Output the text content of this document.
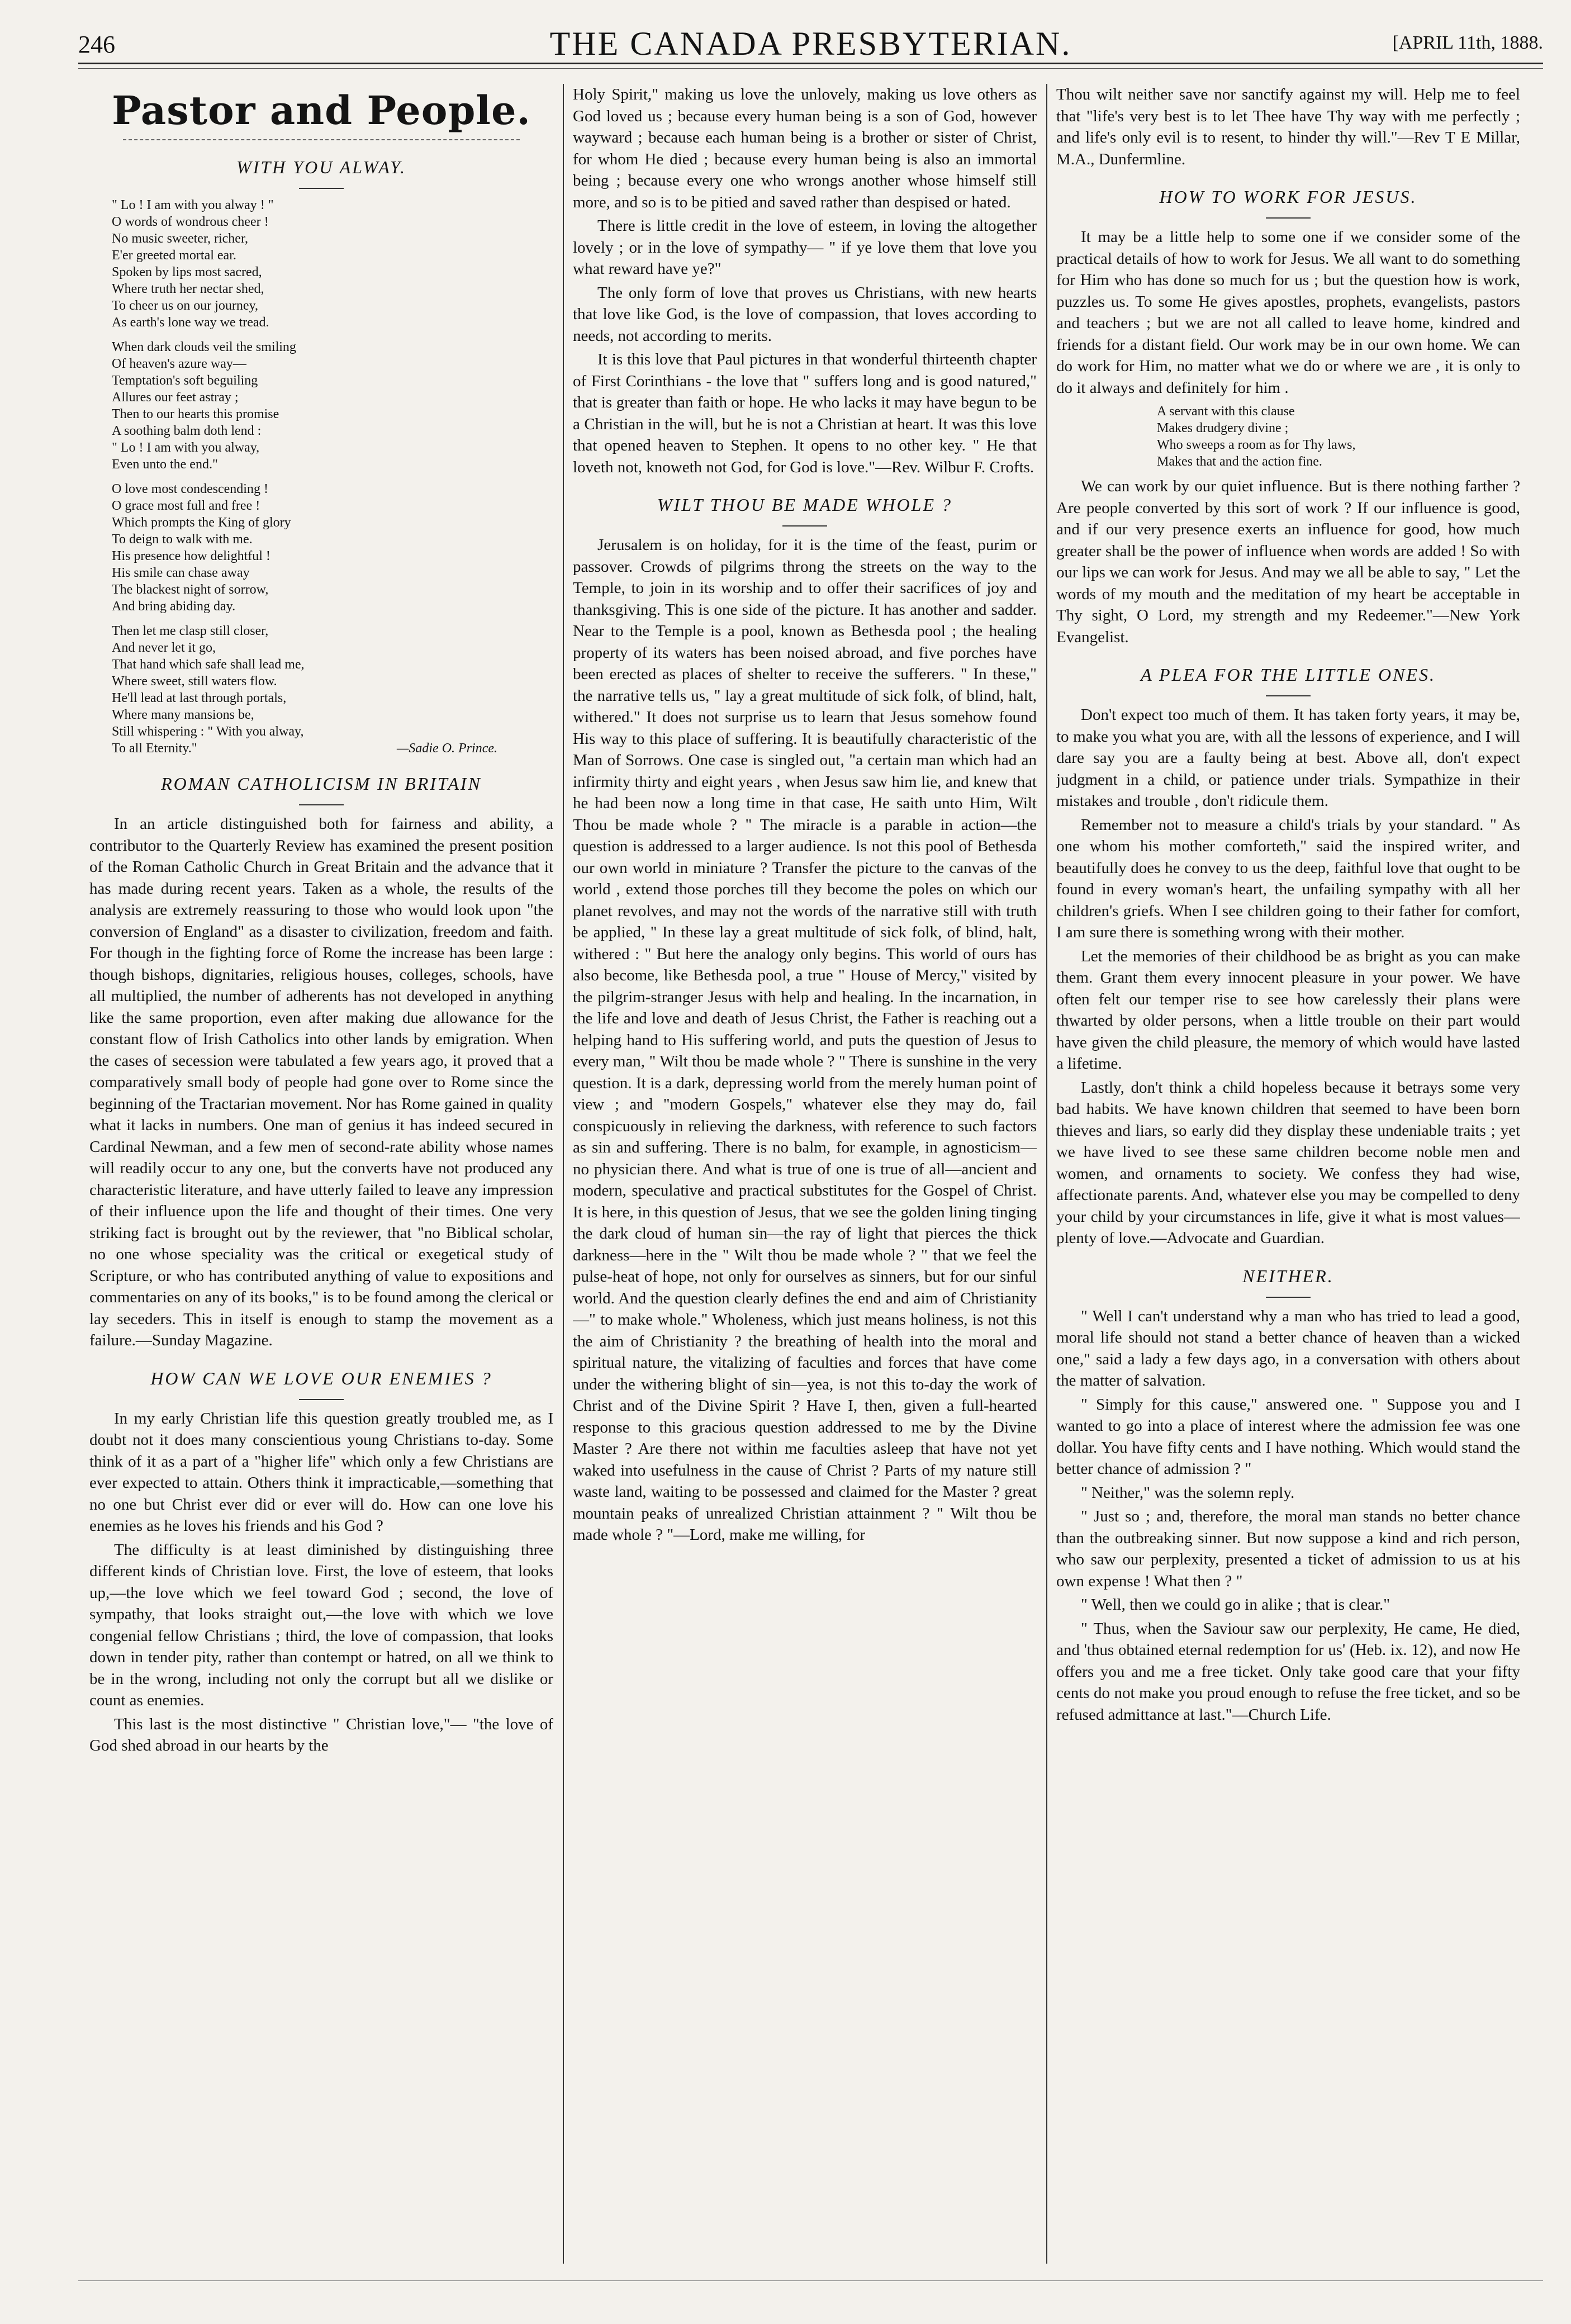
246	THE CANADA PRESBYTERIAN.	[APRIL 11th, 1888.
Pastor and People.
WITH YOU ALWAY.
" Lo ! I am with you alway ! "
O words of wondrous cheer !
No music sweeter, richer,
E'er greeted mortal ear.
Spoken by lips most sacred,
Where truth her nectar shed,
To cheer us on our journey,
As earth's lone way we tread.
When dark clouds veil the smiling
Of heaven's azure way—
Temptation's soft beguiling
Allures our feet astray ;
Then to our hearts this promise
A soothing balm doth lend :
" Lo ! I am with you alway,
Even unto the end."
O love most condescending !
O grace most full and free !
Which prompts the King of glory
To deign to walk with me.
His presence how delightful !
His smile can chase away
The blackest night of sorrow,
And bring abiding day.
Then let me clasp still closer,
And never let it go,
That hand which safe shall lead me,
Where sweet, still waters flow.
He'll lead at last through portals,
Where many mansions be,
Still whispering : " With you alway,
To all Eternity."	—Sadie O. Prince.
ROMAN CATHOLICISM IN BRITAIN
In an article distinguished both for fairness and ability, a contributor to the Quarterly Review has examined the present position of the Roman Catholic Church in Great Britain and the advance that it has made during recent years. Taken as a whole, the results of the analysis are extremely reassuring to those who would look upon "the conversion of England" as a disaster to civilization, freedom and faith. For though in the fighting force of Rome the increase has been large : though bishops, dignitaries, religious houses, colleges, schools, have all multiplied, the number of adherents has not developed in anything like the same proportion, even after making due allowance for the constant flow of Irish Catholics into other lands by emigration. When the cases of secession were tabulated a few years ago, it proved that a comparatively small body of people had gone over to Rome since the beginning of the Tractarian movement. Nor has Rome gained in quality what it lacks in numbers. One man of genius it has indeed secured in Cardinal Newman, and a few men of second-rate ability whose names will readily occur to any one, but the converts have not produced any characteristic literature, and have utterly failed to leave any impression of their influence upon the life and thought of their times. One very striking fact is brought out by the reviewer, that "no Biblical scholar, no one whose speciality was the critical or exegetical study of Scripture, or who has contributed anything of value to expositions and commentaries on any of its books," is to be found among the clerical or lay seceders. This in itself is enough to stamp the movement as a failure.—Sunday Magazine.
HOW CAN WE LOVE OUR ENEMIES ?
In my early Christian life this question greatly troubled me, as I doubt not it does many conscientious young Christians to-day. Some think of it as a part of a "higher life" which only a few Christians are ever expected to attain. Others think it impracticable,—something that no one but Christ ever did or ever will do. How can one love his enemies as he loves his friends and his God ?
The difficulty is at least diminished by distinguishing three different kinds of Christian love. First, the love of esteem, that looks up,—the love which we feel toward God ; second, the love of sympathy, that looks straight out,—the love with which we love congenial fellow Christians ; third, the love of compassion, that looks down in tender pity, rather than contempt or hatred, on all we think to be in the wrong, including not only the corrupt but all we dislike or count as enemies.
This last is the most distinctive " Christian love,"— "the love of God shed abroad in our hearts by the
Holy Spirit," making us love the unlovely, making us love others as God loved us ; because every human being is a son of God, however wayward ; because each human being is a brother or sister of Christ, for whom He died ; because every human being is also an immortal being ; because every one who wrongs another whose himself still more, and so is to be pitied and saved rather than despised or hated.
There is little credit in the love of esteem, in loving the altogether lovely ; or in the love of sympathy— " if ye love them that love you what reward have ye?"
The only form of love that proves us Christians, with new hearts that love like God, is the love of compassion, that loves according to needs, not according to merits.
It is this love that Paul pictures in that wonderful thirteenth chapter of First Corinthians - the love that " suffers long and is good natured," that is greater than faith or hope. He who lacks it may have begun to be a Christian in the will, but he is not a Christian at heart. It was this love that opened heaven to Stephen. It opens to no other key. " He that loveth not, knoweth not God, for God is love."—Rev. Wilbur F. Crofts.
WILT THOU BE MADE WHOLE ?
Jerusalem is on holiday, for it is the time of the feast, purim or passover. Crowds of pilgrims throng the streets on the way to the Temple, to join in its worship and to offer their sacrifices of joy and thanksgiving. This is one side of the picture. It has another and sadder. Near to the Temple is a pool, known as Bethesda pool ; the healing property of its waters has been noised abroad, and five porches have been erected as places of shelter to receive the sufferers. " In these," the narrative tells us, " lay a great multitude of sick folk, of blind, halt, withered." It does not surprise us to learn that Jesus somehow found His way to this place of suffering. It is beautifully characteristic of the Man of Sorrows. One case is singled out, "a certain man which had an infirmity thirty and eight years , when Jesus saw him lie, and knew that he had been now a long time in that case, He saith unto Him, Wilt Thou be made whole ? " The miracle is a parable in action—the question is addressed to a larger audience. Is not this pool of Bethesda our own world in miniature ? Transfer the picture to the canvas of the world , extend those porches till they become the poles on which our planet revolves, and may not the words of the narrative still with truth be applied, " In these lay a great multitude of sick folk, of blind, halt, withered : " But here the analogy only begins. This world of ours has also become, like Bethesda pool, a true " House of Mercy," visited by the pilgrim-stranger Jesus with help and healing. In the incarnation, in the life and love and death of Jesus Christ, the Father is reaching out a helping hand to His suffering world, and puts the question of Jesus to every man, " Wilt thou be made whole ? " There is sunshine in the very question. It is a dark, depressing world from the merely human point of view ; and "modern Gospels," whatever else they may do, fail conspicuously in relieving the darkness, with reference to such factors as sin and suffering. There is no balm, for example, in agnosticism—no physician there. And what is true of one is true of all—ancient and modern, speculative and practical substitutes for the Gospel of Christ. It is here, in this question of Jesus, that we see the golden lining tinging the dark cloud of human sin—the ray of light that pierces the thick darkness—here in the " Wilt thou be made whole ? " that we feel the pulse-heat of hope, not only for ourselves as sinners, but for our sinful world. And the question clearly defines the end and aim of Christianity—" to make whole." Wholeness, which just means holiness, is not this the aim of Christianity ? the breathing of health into the moral and spiritual nature, the vitalizing of faculties and forces that have come under the withering blight of sin—yea, is not this to-day the work of Christ and of the Divine Spirit ? Have I, then, given a full-hearted response to this gracious question addressed to me by the Divine Master ? Are there not within me faculties asleep that have not yet waked into usefulness in the cause of Christ ? Parts of my nature still waste land, waiting to be possessed and claimed for the Master ? great mountain peaks of unrealized Christian attainment ? " Wilt thou be made whole ? "—Lord, make me willing, for
Thou wilt neither save nor sanctify against my will. Help me to feel that "life's very best is to let Thee have Thy way with me perfectly ; and life's only evil is to resent, to hinder thy will."—Rev T E Millar, M.A., Dunfermline.
HOW TO WORK FOR JESUS.
It may be a little help to some one if we consider some of the practical details of how to work for Jesus. We all want to do something for Him who has done so much for us ; but the question how is work, puzzles us. To some He gives apostles, prophets, evangelists, pastors and teachers ; but we are not all called to leave home, kindred and friends for a distant field. Our work may be in our own home. We can do work for Him, no matter what we do or where we are , it is only to do it always and definitely for him .
A servant with this clause
Makes drudgery divine ;
Who sweeps a room as for Thy laws,
Makes that and the action fine.
We can work by our quiet influence. But is there nothing farther ? Are people converted by this sort of work ? If our influence is good, and if our very presence exerts an influence for good, how much greater shall be the power of influence when words are added ! So with our lips we can work for Jesus. And may we all be able to say, " Let the words of my mouth and the meditation of my heart be acceptable in Thy sight, O Lord, my strength and my Redeemer."—New York Evangelist.
A PLEA FOR THE LITTLE ONES.
Don't expect too much of them. It has taken forty years, it may be, to make you what you are, with all the lessons of experience, and I will dare say you are a faulty being at best. Above all, don't expect judgment in a child, or patience under trials. Sympathize in their mistakes and trouble , don't ridicule them.
Remember not to measure a child's trials by your standard. " As one whom his mother comforteth," said the inspired writer, and beautifully does he convey to us the deep, faithful love that ought to be found in every woman's heart, the unfailing sympathy with all her children's griefs. When I see children going to their father for comfort, I am sure there is something wrong with their mother.
Let the memories of their childhood be as bright as you can make them. Grant them every innocent pleasure in your power. We have often felt our temper rise to see how carelessly their plans were thwarted by older persons, when a little trouble on their part would have given the child pleasure, the memory of which would have lasted a lifetime.
Lastly, don't think a child hopeless because it betrays some very bad habits. We have known children that seemed to have been born thieves and liars, so early did they display these undeniable traits ; yet we have lived to see these same children become noble men and women, and ornaments to society. We confess they had wise, affectionate parents. And, whatever else you may be compelled to deny your child by your circumstances in life, give it what is most values—plenty of love.—Advocate and Guardian.
NEITHER.
" Well I can't understand why a man who has tried to lead a good, moral life should not stand a better chance of heaven than a wicked one," said a lady a few days ago, in a conversation with others about the matter of salvation.
" Simply for this cause," answered one. " Suppose you and I wanted to go into a place of interest where the admission fee was one dollar. You have fifty cents and I have nothing. Which would stand the better chance of admission ? "
" Neither," was the solemn reply.
" Just so ; and, therefore, the moral man stands no better chance than the outbreaking sinner. But now suppose a kind and rich person, who saw our perplexity, presented a ticket of admission to us at his own expense ! What then ? "
" Well, then we could go in alike ; that is clear."
" Thus, when the Saviour saw our perplexity, He came, He died, and 'thus obtained eternal redemption for us' (Heb. ix. 12), and now He offers you and me a free ticket. Only take good care that your fifty cents do not make you proud enough to refuse the free ticket, and so be refused admittance at last."—Church Life.
